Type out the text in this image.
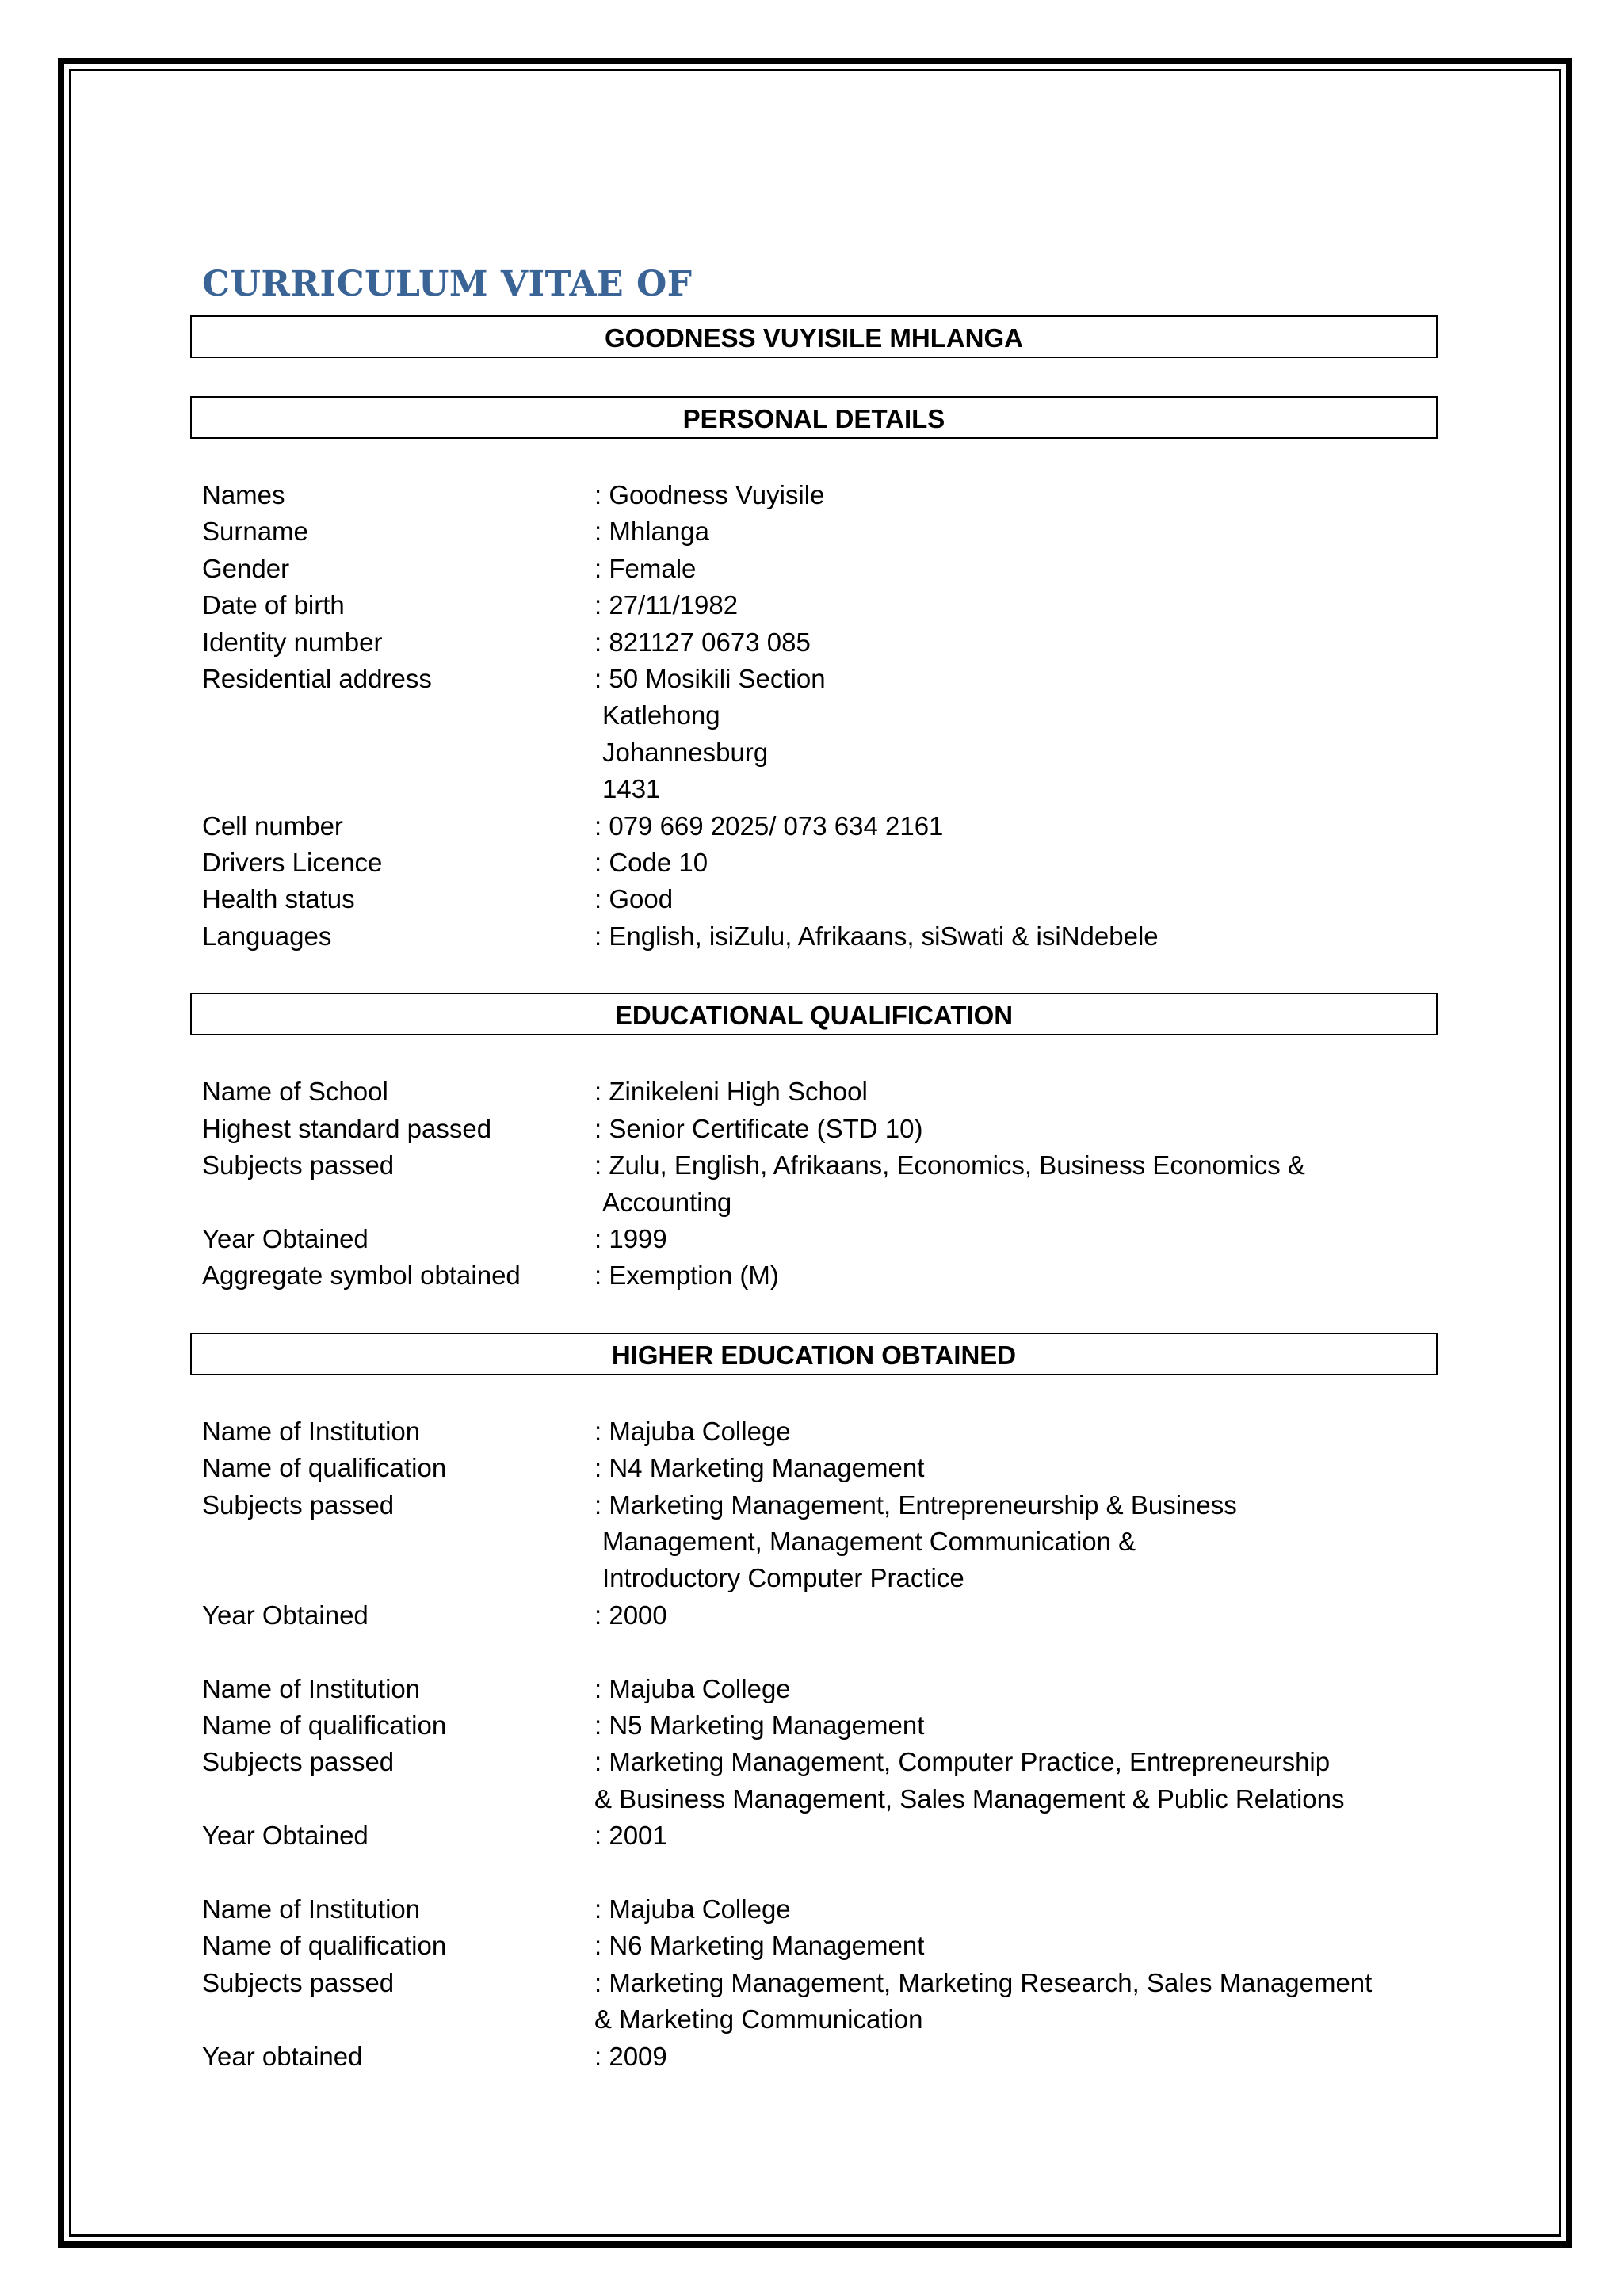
CURRICULUM VITAE OF
GOODNESS VUYISILE MHLANGA
PERSONAL DETAILS
Names	: Goodness Vuyisile
Surname	: Mhlanga
Gender	: Female
Date of birth	: 27/11/1982
Identity number	: 821127 0673 085
Residential address	: 50 Mosikili Section
Katlehong
Johannesburg
1431
Cell number	: 079 669 2025/ 073 634 2161
Drivers Licence	: Code 10
Health status	: Good
Languages	: English, isiZulu, Afrikaans, siSwati & isiNdebele
EDUCATIONAL QUALIFICATION
Name of School	: Zinikeleni High School
Highest standard passed	: Senior Certificate (STD 10)
Subjects passed	: Zulu, English, Afrikaans, Economics, Business Economics &
Accounting
Year Obtained	: 1999
Aggregate symbol obtained	: Exemption (M)
HIGHER EDUCATION OBTAINED
Name of Institution	: Majuba College
Name of qualification	: N4 Marketing Management
Subjects passed	: Marketing Management, Entrepreneurship & Business
Management, Management Communication &
Introductory Computer Practice
Year Obtained	: 2000
Name of Institution	: Majuba College
Name of qualification	: N5 Marketing Management
Subjects passed	: Marketing Management, Computer Practice, Entrepreneurship
& Business Management, Sales Management & Public Relations
Year Obtained	: 2001
Name of Institution	: Majuba College
Name of qualification	: N6 Marketing Management
Subjects passed	: Marketing Management, Marketing Research, Sales Management
& Marketing Communication
Year obtained	: 2009
